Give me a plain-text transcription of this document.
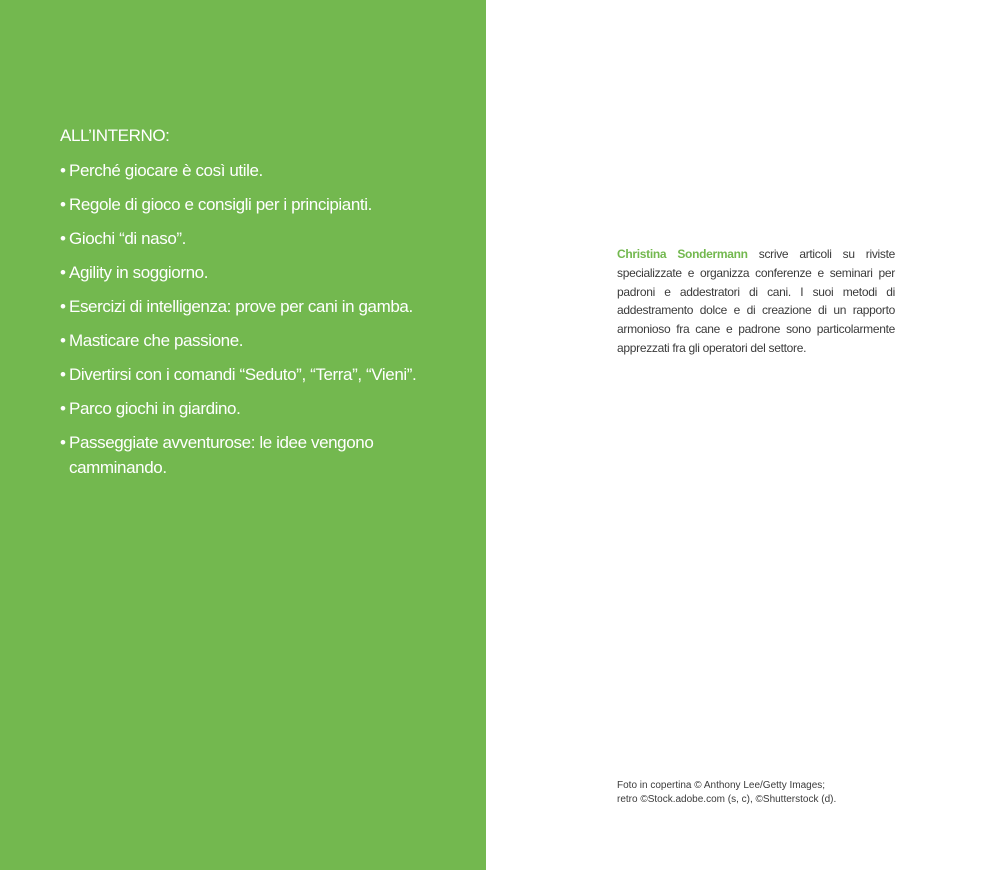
ALL’INTERNO:
• Perché giocare è così utile.
• Regole di gioco e consigli per i principianti.
• Giochi “di naso”.
• Agility in soggiorno.
• Esercizi di intelligenza: prove per cani in gamba.
• Masticare che passione.
• Divertirsi con i comandi “Seduto”, “Terra”, “Vieni”.
• Parco giochi in giardino.
• Passeggiate avventurose: le idee vengono camminando.

Christina Sondermann scrive articoli su riviste specializzate e organizza conferenze e seminari per padroni e addestratori di cani. I suoi metodi di addestramento dolce e di creazione di un rapporto armonioso fra cane e padrone sono particolarmente apprezzati fra gli operatori del settore.

Foto in copertina © Anthony Lee/Getty Images;
retro ©Stock.adobe.com (s, c), ©Shutterstock (d).
